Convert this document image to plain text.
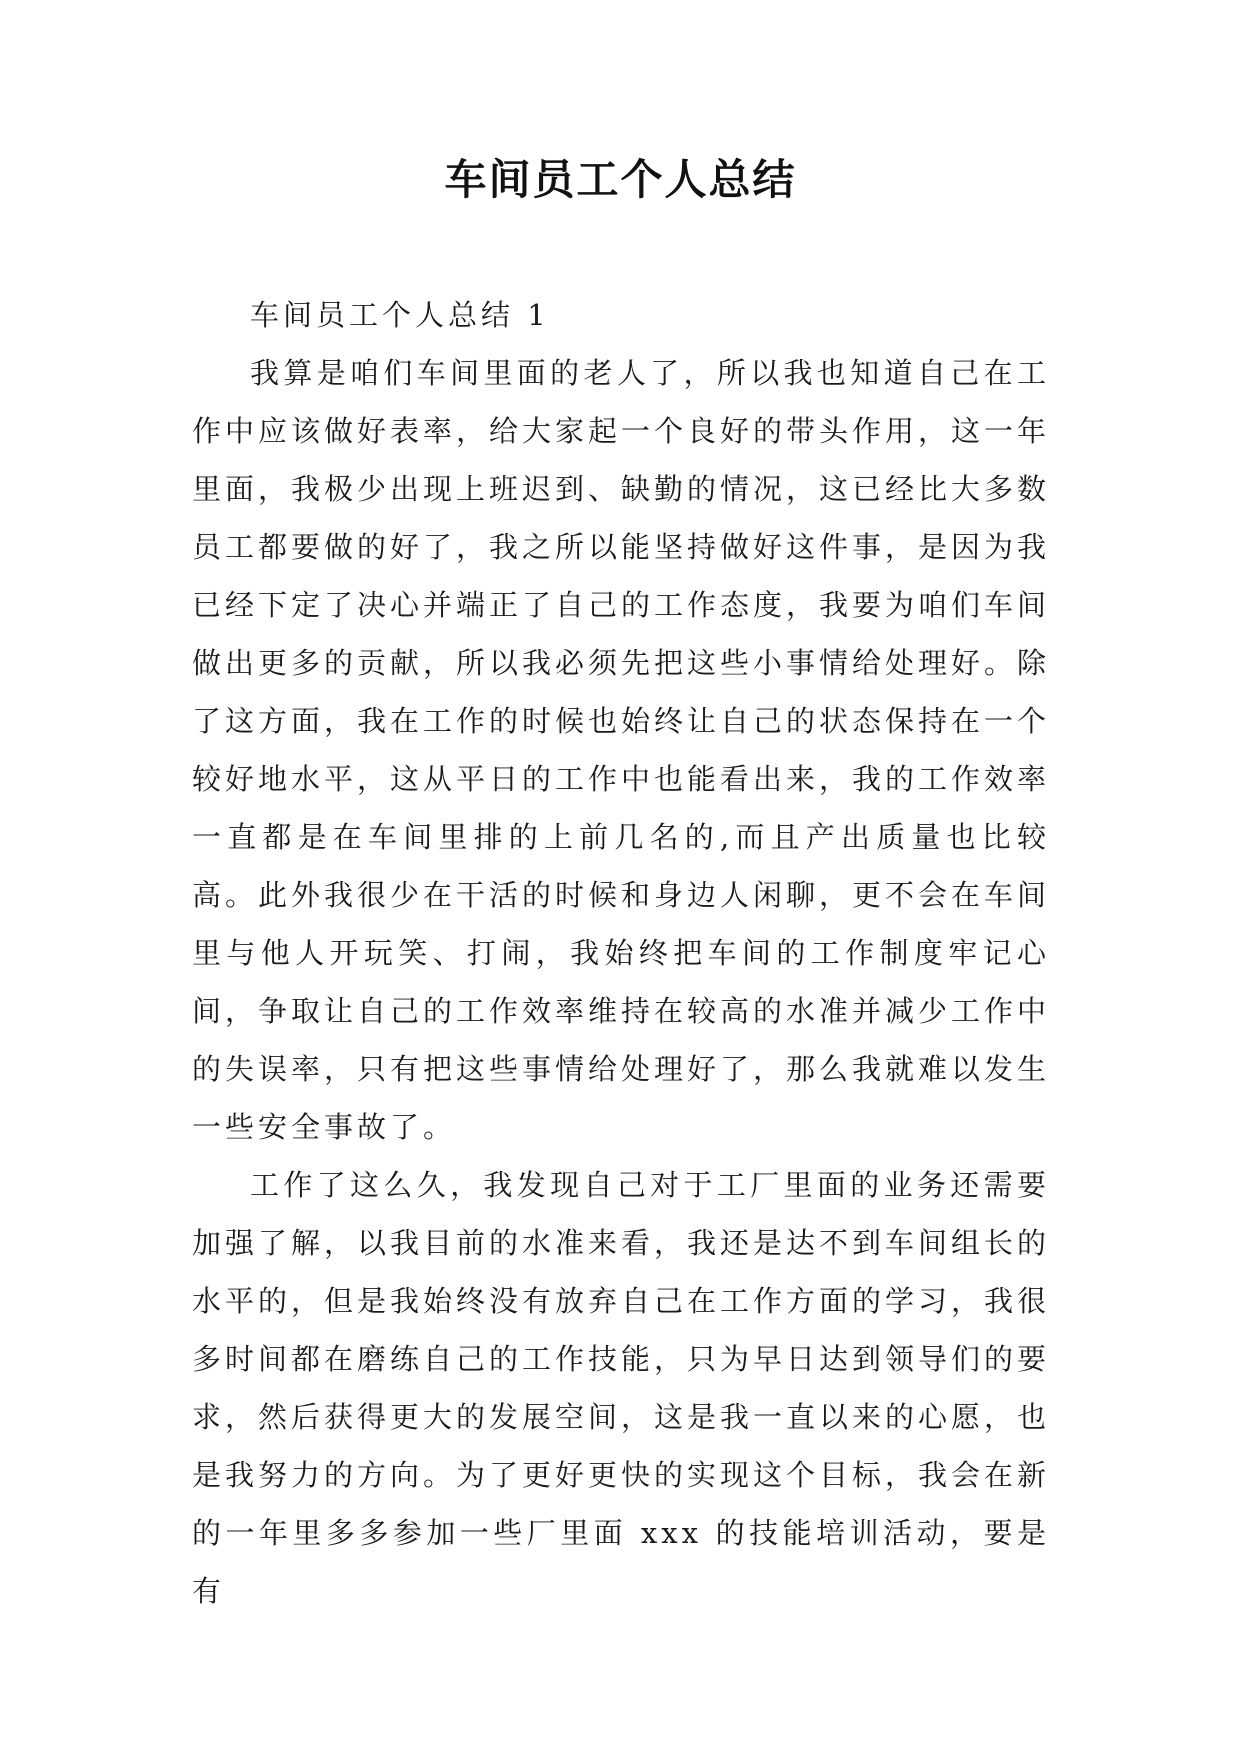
车间员工个人总结

车间员工个人总结 1

我算是咱们车间里面的老人了，所以我也知道自己在工作中应该做好表率，给大家起一个良好的带头作用，这一年里面，我极少出现上班迟到、缺勤的情况，这已经比大多数员工都要做的好了，我之所以能坚持做好这件事，是因为我已经下定了决心并端正了自己的工作态度，我要为咱们车间做出更多的贡献，所以我必须先把这些小事情给处理好。除了这方面，我在工作的时候也始终让自己的状态保持在一个较好地水平，这从平日的工作中也能看出来，我的工作效率一直都是在车间里排的上前几名的,而且产出质量也比较高。此外我很少在干活的时候和身边人闲聊，更不会在车间里与他人开玩笑、打闹，我始终把车间的工作制度牢记心间，争取让自己的工作效率维持在较高的水准并减少工作中的失误率，只有把这些事情给处理好了，那么我就难以发生一些安全事故了。

工作了这么久，我发现自己对于工厂里面的业务还需要加强了解，以我目前的水准来看，我还是达不到车间组长的水平的，但是我始终没有放弃自己在工作方面的学习，我很多时间都在磨练自己的工作技能，只为早日达到领导们的要求，然后获得更大的发展空间，这是我一直以来的心愿，也是我努力的方向。为了更好更快的实现这个目标，我会在新的一年里多多参加一些厂里面 xxx 的技能培训活动，要是有
